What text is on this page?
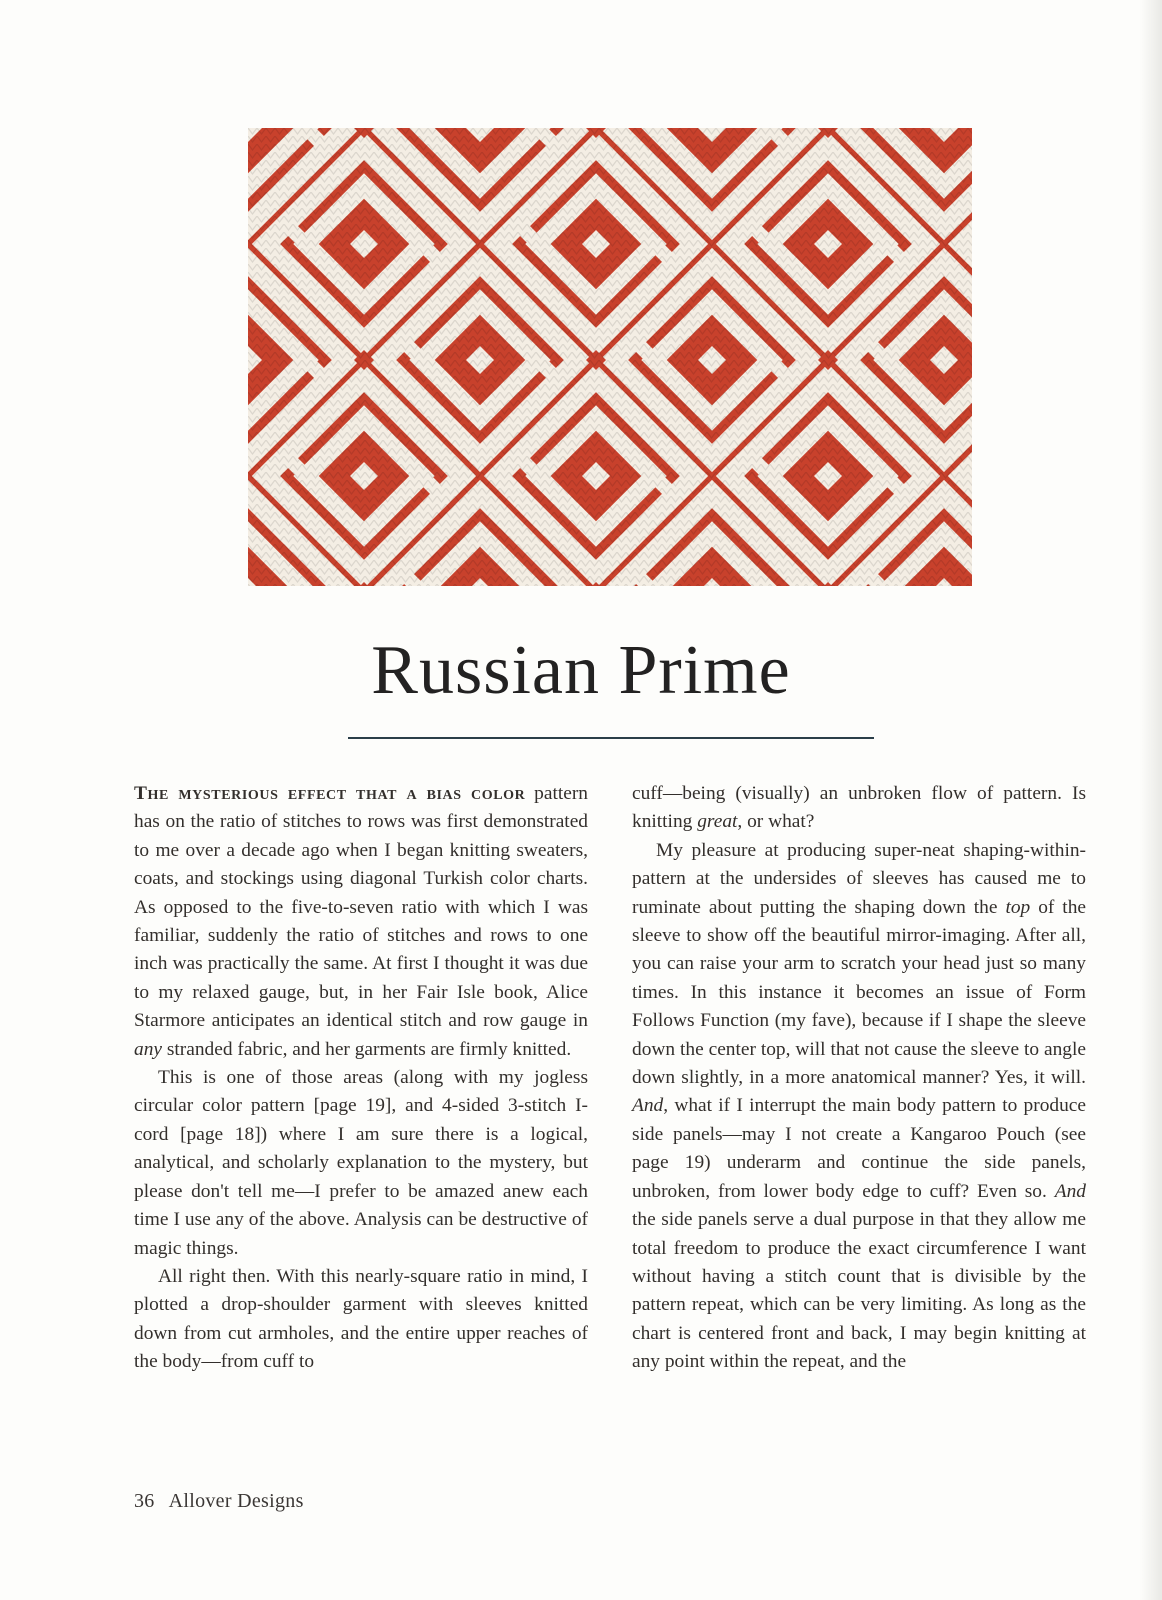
Russian Prime

The mysterious effect that a bias color pattern has on the ratio of stitches to rows was first demonstrated to me over a decade ago when I began knitting sweaters, coats, and stockings using diagonal Turkish color charts. As opposed to the five-to-seven ratio with which I was familiar, suddenly the ratio of stitches and rows to one inch was practically the same. At first I thought it was due to my relaxed gauge, but, in her Fair Isle book, Alice Starmore anticipates an identical stitch and row gauge in any stranded fabric, and her garments are firmly knitted.

This is one of those areas (along with my jogless circular color pattern [page 19], and 4-sided 3-stitch I-cord [page 18]) where I am sure there is a logical, analytical, and scholarly explanation to the mystery, but please don't tell me—I prefer to be amazed anew each time I use any of the above. Analysis can be destructive of magic things.

All right then. With this nearly-square ratio in mind, I plotted a drop-shoulder garment with sleeves knitted down from cut armholes, and the entire upper reaches of the body—from cuff to

cuff—being (visually) an unbroken flow of pattern. Is knitting great, or what?

My pleasure at producing super-neat shaping-within-pattern at the undersides of sleeves has caused me to ruminate about putting the shaping down the top of the sleeve to show off the beautiful mirror-imaging. After all, you can raise your arm to scratch your head just so many times. In this instance it becomes an issue of Form Follows Function (my fave), because if I shape the sleeve down the center top, will that not cause the sleeve to angle down slightly, in a more anatomical manner? Yes, it will. And, what if I interrupt the main body pattern to produce side panels—may I not create a Kangaroo Pouch (see page 19) underarm and continue the side panels, unbroken, from lower body edge to cuff? Even so. And the side panels serve a dual purpose in that they allow me total freedom to produce the exact circumference I want without having a stitch count that is divisible by the pattern repeat, which can be very limiting. As long as the chart is centered front and back, I may begin knitting at any point within the repeat, and the

36 Allover Designs
